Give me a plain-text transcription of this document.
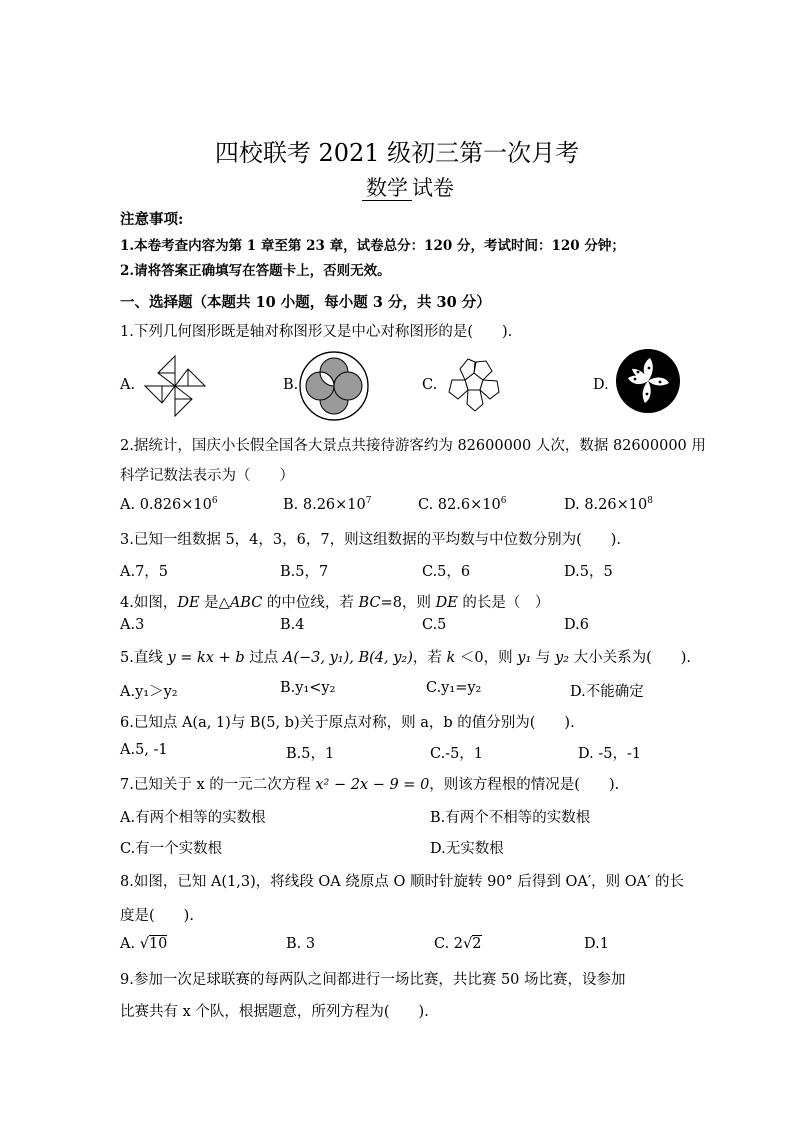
四校联考 2021 级初三第一次月考
数学 试卷
注意事项:
1.本卷考查内容为第 1 章至第 23 章，试卷总分：120 分，考试时间：120 分钟；
2.请将答案正确填写在答题卡上，否则无效。
一、选择题（本题共 10 小题，每小题 3 分，共 30 分）
1.下列几何图形既是轴对称图形又是中心对称图形的是(　　).
A.	B.	C.	D.
2.据统计，国庆小长假全国各大景点共接待游客约为 82600000 人次，数据 82600000 用
科学记数法表示为（　　）
A. $0.826\times 10^6$	B. $8.26\times 10^7$	C. $82.6\times 10^6$	D. $8.26\times 10^8$
3.已知一组数据 5，4，3，6，7，则这组数据的平均数与中位数分别为(　　).
A.7，5	B.5，7	C.5，6	D.5，5
4.如图，DE 是△ABC 的中位线，若 BC=8，则 DE 的长是（　）
A.3	B.4	C.5	D.6
5.直线 y = kx + b 过点 A(−3, y₁), B(4, y₂)，若 k ＜0，则 y₁ 与 y₂ 大小关系为(　　).
A.y₁＞y₂	B.y₁<y₂	C.y₁=y₂	D.不能确定
6.已知点 A(a, 1)与 B(5, b)关于原点对称，则 a，b 的值分别为(　　).
A.5, -1	B.5，1	C.-5，1	D. -5，-1
7.已知关于 x 的一元二次方程 x² − 2x − 9 = 0，则该方程根的情况是(　　).
A.有两个相等的实数根	B.有两个不相等的实数根
C.有一个实数根	D.无实数根
8.如图，已知 A(1,3)，将线段 OA 绕原点 O 顺时针旋转 90° 后得到 OA′，则 OA′ 的长
度是(　　).
A. √10	B. 3	C. 2√2	D.1
9.参加一次足球联赛的每两队之间都进行一场比赛，共比赛 50 场比赛，设参加
比赛共有 x 个队，根据题意，所列方程为(　　).
